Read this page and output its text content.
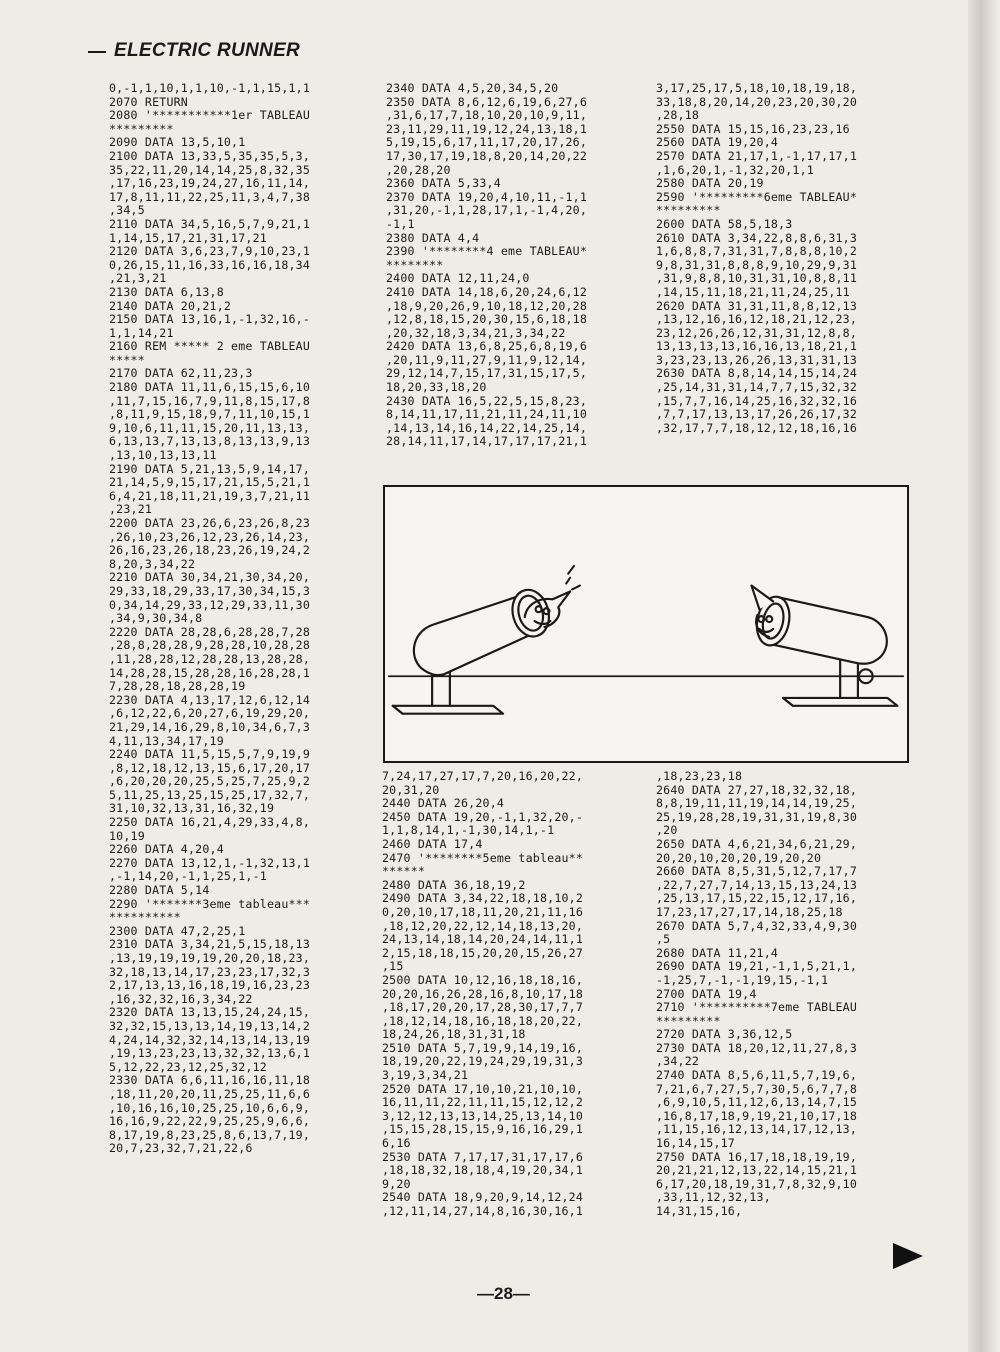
ELECTRIC RUNNER
0,-1,1,10,1,1,10,-1,1,15,1,1
2070 RETURN
2080 '***********1er TABLEAU
*********
2090 DATA 13,5,10,1
2100 DATA 13,33,5,35,35,5,3,
35,22,11,20,14,14,25,8,32,35
,17,16,23,19,24,27,16,11,14,
17,8,11,11,22,25,11,3,4,7,38
,34,5
2110 DATA 34,5,16,5,7,9,21,1
1,14,15,17,21,31,17,21
2120 DATA 3,6,23,7,9,10,23,1
0,26,15,11,16,33,16,16,18,34
,21,3,21
2130 DATA 6,13,8
2140 DATA 20,21,2
2150 DATA 13,16,1,-1,32,16,-
1,1,14,21
2160 REM ***** 2 eme TABLEAU
*****
2170 DATA 62,11,23,3
2180 DATA 11,11,6,15,15,6,10
,11,7,15,16,7,9,11,8,15,17,8
,8,11,9,15,18,9,7,11,10,15,1
9,10,6,11,11,15,20,11,13,13,
6,13,13,7,13,13,8,13,13,9,13
,13,10,13,13,11
2190 DATA 5,21,13,5,9,14,17,
21,14,5,9,15,17,21,15,5,21,1
6,4,21,18,11,21,19,3,7,21,11
,23,21
2200 DATA 23,26,6,23,26,8,23
,26,10,23,26,12,23,26,14,23,
26,16,23,26,18,23,26,19,24,2
8,20,3,34,22
2210 DATA 30,34,21,30,34,20,
29,33,18,29,33,17,30,34,15,3
0,34,14,29,33,12,29,33,11,30
,34,9,30,34,8
2220 DATA 28,28,6,28,28,7,28
,28,8,28,28,9,28,28,10,28,28
,11,28,28,12,28,28,13,28,28,
14,28,28,15,28,28,16,28,28,1
7,28,28,18,28,28,19
2230 DATA 4,13,17,12,6,12,14
,6,12,22,6,20,27,6,19,29,20,
21,29,14,16,29,8,10,34,6,7,3
4,11,13,34,17,19
2240 DATA 11,5,15,5,7,9,19,9
,8,12,18,12,13,15,6,17,20,17
,6,20,20,20,25,5,25,7,25,9,2
5,11,25,13,25,15,25,17,32,7,
31,10,32,13,31,16,32,19
2250 DATA 16,21,4,29,33,4,8,
10,19
2260 DATA 4,20,4
2270 DATA 13,12,1,-1,32,13,1
,-1,14,20,-1,1,25,1,-1
2280 DATA 5,14
2290 '*******3eme tableau***
**********
2300 DATA 47,2,25,1
2310 DATA 3,34,21,5,15,18,13
,13,19,19,19,19,20,20,18,23,
32,18,13,14,17,23,23,17,32,3
2,17,13,13,16,18,19,16,23,23
,16,32,32,16,3,34,22
2320 DATA 13,13,15,24,24,15,
32,32,15,13,13,14,19,13,14,2
4,24,14,32,32,14,13,14,13,19
,19,13,23,23,13,32,32,13,6,1
5,12,22,23,12,25,32,12
2330 DATA 6,6,11,16,16,11,18
,18,11,20,20,11,25,25,11,6,6
,10,16,16,10,25,25,10,6,6,9,
16,16,9,22,22,9,25,25,9,6,6,
8,17,19,8,23,25,8,6,13,7,19,
20,7,23,32,7,21,22,6
2340 DATA 4,5,20,34,5,20
2350 DATA 8,6,12,6,19,6,27,6
,31,6,17,7,18,10,20,10,9,11,
23,11,29,11,19,12,24,13,18,1
5,19,15,6,17,11,17,20,17,26,
17,30,17,19,18,8,20,14,20,22
,20,28,20
2360 DATA 5,33,4
2370 DATA 19,20,4,10,11,-1,1
,31,20,-1,1,28,17,1,-1,4,20,
-1,1
2380 DATA 4,4
2390 '********4 eme TABLEAU*
********
2400 DATA 12,11,24,0
2410 DATA 14,18,6,20,24,6,12
,18,9,20,26,9,10,18,12,20,28
,12,8,18,15,20,30,15,6,18,18
,20,32,18,3,34,21,3,34,22
2420 DATA 13,6,8,25,6,8,19,6
,20,11,9,11,27,9,11,9,12,14,
29,12,14,7,15,17,31,15,17,5,
18,20,33,18,20
2430 DATA 16,5,22,5,15,8,23,
8,14,11,17,11,21,11,24,11,10
,14,13,14,16,14,22,14,25,14,
28,14,11,17,14,17,17,17,21,1
3,17,25,17,5,18,10,18,19,18,
33,18,8,20,14,20,23,20,30,20
,28,18
2550 DATA 15,15,16,23,23,16
2560 DATA 19,20,4
2570 DATA 21,17,1,-1,17,17,1
,1,6,20,1,-1,32,20,1,1
2580 DATA 20,19
2590 '*********6eme TABLEAU*
*********
2600 DATA 58,5,18,3
2610 DATA 3,34,22,8,8,6,31,3
1,6,8,8,7,31,31,7,8,8,8,10,2
9,8,31,31,8,8,8,9,10,29,9,31
,31,9,8,8,10,31,31,10,8,8,11
,14,15,11,18,21,11,24,25,11
2620 DATA 31,31,11,8,8,12,13
,13,12,16,16,12,18,21,12,23,
23,12,26,26,12,31,31,12,8,8,
13,13,13,13,16,16,13,18,21,1
3,23,23,13,26,26,13,31,31,13
2630 DATA 8,8,14,14,15,14,24
,25,14,31,31,14,7,7,15,32,32
,15,7,7,16,14,25,16,32,32,16
,7,7,17,13,13,17,26,26,17,32
,32,17,7,7,18,12,12,18,16,16
7,24,17,27,17,7,20,16,20,22,
20,31,20
2440 DATA 26,20,4
2450 DATA 19,20,-1,1,32,20,-
1,1,8,14,1,-1,30,14,1,-1
2460 DATA 17,4
2470 '********5eme tableau**
******
2480 DATA 36,18,19,2
2490 DATA 3,34,22,18,18,10,2
0,20,10,17,18,11,20,21,11,16
,18,12,20,22,12,14,18,13,20,
24,13,14,18,14,20,24,14,11,1
2,15,18,18,15,20,20,15,26,27
,15
2500 DATA 10,12,16,18,18,16,
20,20,16,26,28,16,8,10,17,18
,18,17,20,20,17,28,30,17,7,7
,18,12,14,18,16,18,18,20,22,
18,24,26,18,31,31,18
2510 DATA 5,7,19,9,14,19,16,
18,19,20,22,19,24,29,19,31,3
3,19,3,34,21
2520 DATA 17,10,10,21,10,10,
16,11,11,22,11,11,15,12,12,2
3,12,12,13,13,14,25,13,14,10
,15,15,28,15,15,9,16,16,29,1
6,16
2530 DATA 7,17,17,31,17,17,6
,18,18,32,18,18,4,19,20,34,1
9,20
2540 DATA 18,9,20,9,14,12,24
,12,11,14,27,14,8,16,30,16,1
,18,23,23,18
2640 DATA 27,27,18,32,32,18,
8,8,19,11,11,19,14,14,19,25,
25,19,28,28,19,31,31,19,8,30
,20
2650 DATA 4,6,21,34,6,21,29,
20,20,10,20,20,19,20,20
2660 DATA 8,5,31,5,12,7,17,7
,22,7,27,7,14,13,15,13,24,13
,25,13,17,15,22,15,12,17,16,
17,23,17,27,17,14,18,25,18
2670 DATA 5,7,4,32,33,4,9,30
,5
2680 DATA 11,21,4
2690 DATA 19,21,-1,1,5,21,1,
-1,25,7,-1,-1,19,15,-1,1
2700 DATA 19,4
2710 '**********7eme TABLEAU
*********
2720 DATA 3,36,12,5
2730 DATA 18,20,12,11,27,8,3
,34,22
2740 DATA 8,5,6,11,5,7,19,6,
7,21,6,7,27,5,7,30,5,6,7,7,8
,6,9,10,5,11,12,6,13,14,7,15
,16,8,17,18,9,19,21,10,17,18
,11,15,16,12,13,14,17,12,13,
16,14,15,17
2750 DATA 16,17,18,18,19,19,
20,21,21,12,13,22,14,15,21,1
6,17,20,18,19,31,7,8,32,9,10
,33,11,12,32,13,
14,31,15,16,
—28—
